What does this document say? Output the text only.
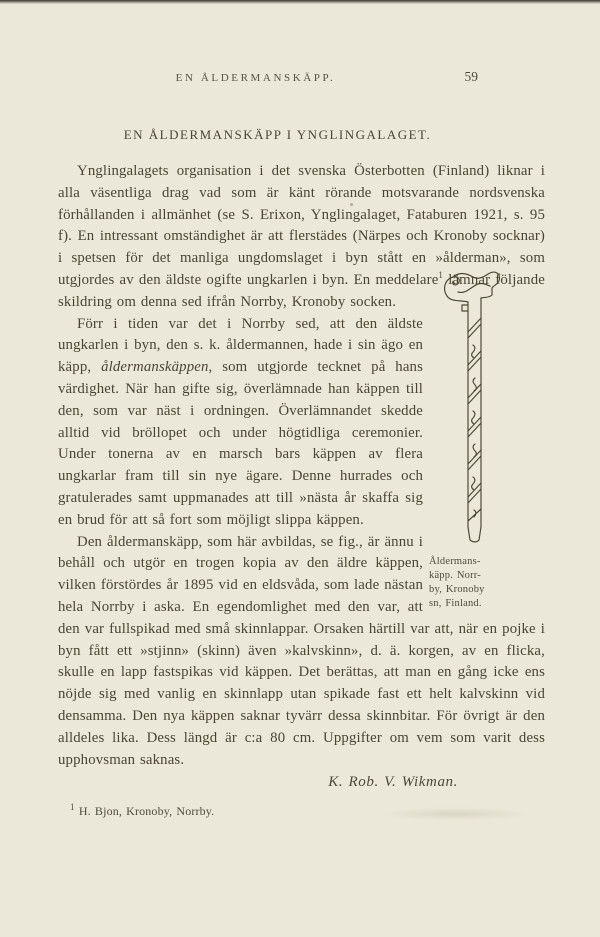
EN ÅLDERMANSKÄPP.	59
EN ÅLDERMANSKÄPP I YNGLINGALAGET.

Ynglingalagets organisation i det svenska Österbotten (Finland) liknar i alla väsentliga drag vad som är känt rörande motsvarande nordsvenska förhållanden i allmänhet (se S. Erixon, Ynglingalaget, Fataburen 1921, s. 95 f). En intressant omständighet är att flerstädes (Närpes och Kronoby socknar) i spetsen för det manliga ungdomslaget i byn stått en »ålderman», som utgjordes av den äldste ogifte ungkarlen i byn. En meddelare$^1$ lämnar följande skildring om denna sed ifrån Norrby, Kronoby socken.

Åldermans-
käpp. Norr-
by, Kronoby
sn, Finland.

Förr i tiden var det i Norrby sed, att den äldste ungkarlen i byn, den s. k. åldermannen, hade i sin ägo en käpp, åldermanskäppen, som utgjorde tecknet på hans värdighet. När han gifte sig, överlämnade han käppen till den, som var näst i ordningen. Överlämnandet skedde alltid vid bröllopet och under högtidliga ceremonier. Under tonerna av en marsch bars käppen av flera ungkarlar fram till sin nye ägare. Denne hurrades och gratulerades samt uppmanades att till »nästa år skaffa sig en brud för att så fort som möjligt slippa käppen.

Den åldermanskäpp, som här avbildas, se fig., är ännu i behåll och utgör en trogen kopia av den äldre käppen, vilken förstördes år 1895 vid en eldsvåda, som lade nästan hela Norrby i aska. En egendomlighet med den var, att den var fullspikad med små skinnlappar. Orsaken härtill var att, när en pojke i byn fått ett »stjinn» (skinn) även »kalvskinn», d. ä. korgen, av en flicka, skulle en lapp fastspikas vid käppen. Det berättas, att man en gång icke ens nöjde sig med vanlig en skinnlapp utan spikade fast ett helt kalvskinn vid densamma. Den nya käppen saknar tyvärr dessa skinnbitar. För övrigt är den alldeles lika. Dess längd är c:a 80 cm. Uppgifter om vem som varit dess upphovsman saknas.

K. Rob. V. Wikman.
$^1$ H. Bjon, Kronoby, Norrby.
